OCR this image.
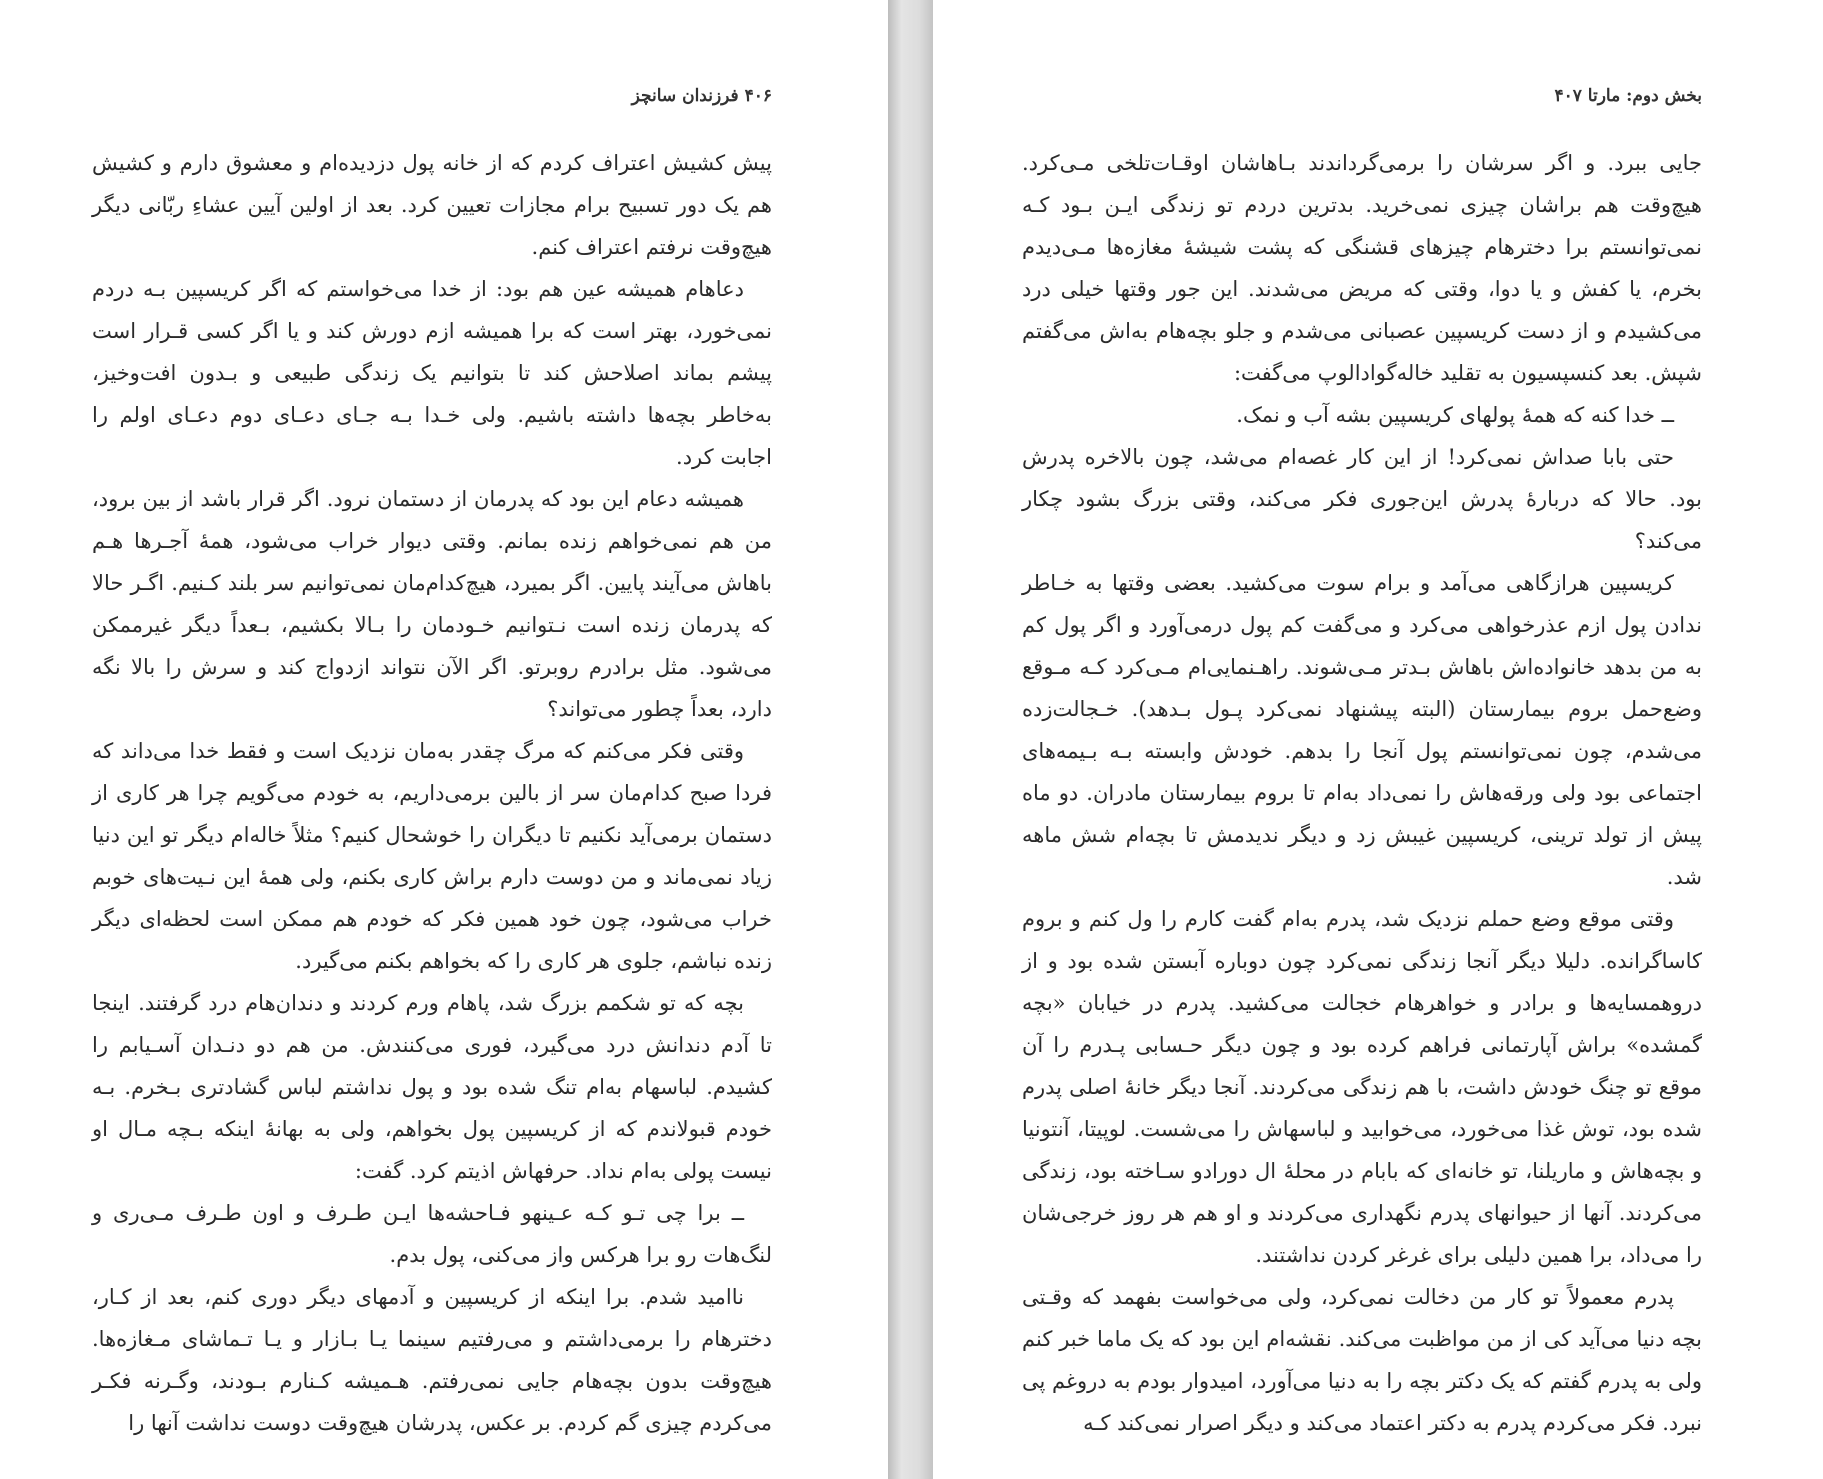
۴۰۶ فرزندان سانچز

پیش کشیش اعتراف کردم که از خانه پول دزدیده‌ام و معشوق دارم و کشیش هم یک دور تسبیح برام مجازات تعیین کرد. بعد از اولین آیین عشاءِ ربّانی دیگر هیچ‌وقت نرفتم اعتراف کنم.

دعاهام همیشه عین هم بود: از خدا می‌خواستم که اگر کریسپین بـه دردم نمی‌خورد، بهتر است که برا همیشه ازم دورش کند و یا اگر کسی قـرار است پیشم بماند اصلاحش کند تا بتوانیم یک زندگی طبیعی و بـدون افت‌وخیز، به‌خاطر بچه‌ها داشته باشیم. ولی خـدا بـه جـای دعـای دوم دعـای اولم را اجابت کرد.

همیشه دعام این بود که پدرمان از دستمان نرود. اگر قرار باشد از بین برود، من هم نمی‌خواهم زنده بمانم. وقتی دیوار خراب می‌شود، همهٔ آجـرها هـم باهاش می‌آیند پایین. اگر بمیرد، هیچ‌کدام‌مان نمی‌توانیم سر بلند کـنیم. اگـر حالا که پدرمان زنده است نـتوانیم خـودمان را بـالا بکشیم، بـعداً دیگر غیرممکن می‌شود. مثل برادرم روبرتو. اگر الآن نتواند ازدواج کند و سرش را بالا نگه دارد، بعداً چطور می‌تواند؟

وقتی فکر می‌کنم که مرگ چقدر به‌مان نزدیک است و فقط خدا می‌داند که فردا صبح کدام‌مان سر از بالین برمی‌داریم، به خودم می‌گویم چرا هر کاری از دستمان برمی‌آید نکنیم تا دیگران را خوشحال کنیم؟ مثلاً خاله‌ام دیگر تو این دنیا زیاد نمی‌ماند و من دوست دارم براش کاری بکنم، ولی همهٔ این نـیت‌های خوبم خراب می‌شود، چون خود همین فکر که خودم هم ممکن است لحظه‌ای دیگر زنده نباشم، جلوی هر کاری را که بخواهم بکنم می‌گیرد.

بچه که تو شکمم بزرگ شد، پاهام ورم کردند و دندان‌هام درد گرفتند. اینجا تا آدم دندانش درد می‌گیرد، فوری می‌کنندش. من هم دو دنـدان آسـیابم را کشیدم. لباسهام به‌ام تنگ شده بود و پول نداشتم لباس گشادتری بـخرم. بـه خودم قبولاندم که از کریسپین پول بخواهم، ولی به بهانهٔ اینکه بـچه مـال او نیست پولی به‌ام نداد. حرفهاش اذیتم کرد. گفت:

ــ برا چی تـو کـه عـینهو فـاحشه‌ها ایـن طـرف و اون طـرف مـی‌ری و لنگ‌هات رو برا هرکس واز می‌کنی، پول بدم.

ناامید شدم. برا اینکه از کریسپین و آدمهای دیگر دوری کنم، بعد از کـار، دخترهام را برمی‌داشتم و می‌رفتیم سینما یـا بـازار و یـا تـماشای مـغازه‌ها. هیچ‌وقت بدون بچه‌هام جایی نمی‌رفتم. هـمیشه کـنارم بـودند، وگـرنه فکـر می‌کردم چیزی گم کردم. بر عکس، پدرشان هیچ‌وقت دوست نداشت آنها را

بخش دوم: مارتا ۴۰۷

جایی ببرد. و اگر سرشان را برمی‌گرداندند بـاهاشان اوقـات‌تلخی مـی‌کرد. هیچ‌وقت هم براشان چیزی نمی‌خرید. بدترین دردم تو زندگی ایـن بـود کـه نمی‌توانستم برا دخترهام چیزهای قشنگی که پشت شیشهٔ مغازه‌ها مـی‌دیدم بخرم، یا کفش و یا دوا، وقتی که مریض می‌شدند. این جور وقتها خیلی درد می‌کشیدم و از دست کریسپین عصبانی می‌شدم و جلو بچه‌هام به‌اش می‌گفتم شپش. بعد کنسپسیون به تقلید خاله‌گوادالوپ می‌گفت:

ــ خدا کنه که همهٔ پولهای کریسپین بشه آب و نمک.

حتی بابا صداش نمی‌کرد! از این کار غصه‌ام می‌شد، چون بالاخره پدرش بود. حالا که دربارهٔ پدرش این‌جوری فکر می‌کند، وقتی بزرگ بشود چکار می‌کند؟

کریسپین هرازگاهی می‌آمد و برام سوت می‌کشید. بعضی وقتها به خـاطر ندادن پول ازم عذرخواهی می‌کرد و می‌گفت کم پول درمی‌آورد و اگر پول کم به من بدهد خانواده‌اش باهاش بـدتر مـی‌شوند. راهـنمایی‌ام مـی‌کرد کـه مـوقع وضع‌حمل بروم بیمارستان (البته پیشنهاد نمی‌کرد پـول بـدهد). خـجالت‌زده می‌شدم، چون نمی‌توانستم پول آنجا را بدهم. خودش وابسته بـه بـیمه‌های اجتماعی بود ولی ورقه‌هاش را نمی‌داد به‌ام تا بروم بیمارستان مادران. دو ماه پیش از تولد ترینی، کریسپین غیبش زد و دیگر ندیدمش تا بچه‌ام شش ماهه شد.

وقتی موقع وضع حملم نزدیک شد، پدرم به‌ام گفت کارم را ول کنم و بروم کاساگرانده. دلیلا دیگر آنجا زندگی نمی‌کرد چون دوباره آبستن شده بود و از درو‌همسایه‌ها و برادر و خواهرهام خجالت می‌کشید. پدرم در خیابان «بچه گمشده» براش آپارتمانی فراهم کرده بود و چون دیگر حـسابی پـدرم را آن موقع تو چنگ خودش داشت، با هم زندگی می‌کردند. آنجا دیگر خانهٔ اصلی پدرم شده بود، توش غذا می‌خورد، می‌خوابید و لباسهاش را می‌شست. لوپیتا، آنتونیا و بچه‌هاش و ماریلنا، تو خانه‌ای که بابام در محلهٔ ال دورادو سـاخته بود، زندگی می‌کردند. آنها از حیوانهای پدرم نگهداری می‌کردند و او هم هر روز خرجی‌شان را می‌داد، برا همین دلیلی برای غرغر کردن نداشتند.

پدرم معمولاً تو کار من دخالت نمی‌کرد، ولی می‌خواست بفهمد که وقـتی بچه دنیا می‌آید کی از من مواظبت می‌کند. نقشه‌ام این بود که یک ماما خبر کنم ولی به پدرم گفتم که یک دکتر بچه را به دنیا می‌آورد، امیدوار بودم به دروغم پی نبرد. فکر می‌کردم پدرم به دکتر اعتماد می‌کند و دیگر اصرار نمی‌کند کـه
